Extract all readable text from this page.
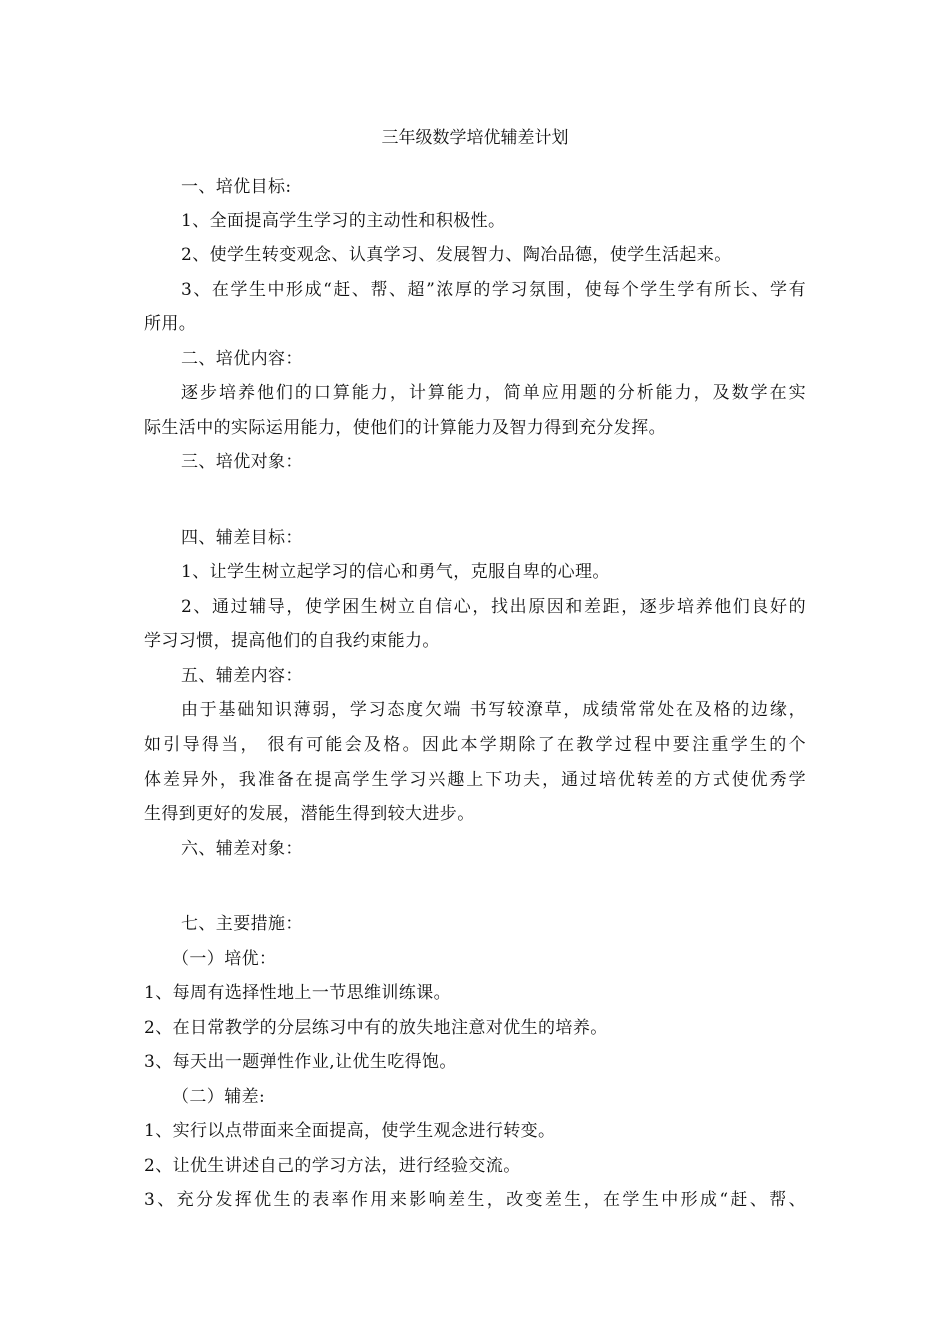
三年级数学培优辅差计划
一、培优目标:
1、全面提高学生学习的主动性和积极性。
2、使学生转变观念、认真学习、发展智力、陶冶品德，使学生活起来。
3、在学生中形成“赶、帮、超”浓厚的学习氛围，使每个学生学有所长、学有
所用。
二、培优内容：
逐步培养他们的口算能力，计算能力，简单应用题的分析能力，及数学在实
际生活中的实际运用能力，使他们的计算能力及智力得到充分发挥。
三、培优对象：
四、辅差目标：
1、让学生树立起学习的信心和勇气，克服自卑的心理。
2、通过辅导，使学困生树立自信心，找出原因和差距，逐步培养他们良好的
学习习惯，提高他们的自我约束能力。
五、辅差内容：
由于基础知识薄弱，学习态度欠端 书写较潦草，成绩常常处在及格的边缘，
如引导得当， 很有可能会及格。因此本学期除了在教学过程中要注重学生的个
体差异外，我准备在提高学生学习兴趣上下功夫，通过培优转差的方式使优秀学
生得到更好的发展，潜能生得到较大进步。
六、辅差对象：
七、主要措施：
（一）培优：
1、每周有选择性地上一节思维训练课。
2、在日常教学的分层练习中有的放失地注意对优生的培养。
3、每天出一题弹性作业,让优生吃得饱。
（二）辅差:
1、实行以点带面来全面提高，使学生观念进行转变。
2、让优生讲述自己的学习方法，进行经验交流。
3、充分发挥优生的表率作用来影响差生，改变差生，在学生中形成“赶、帮、
